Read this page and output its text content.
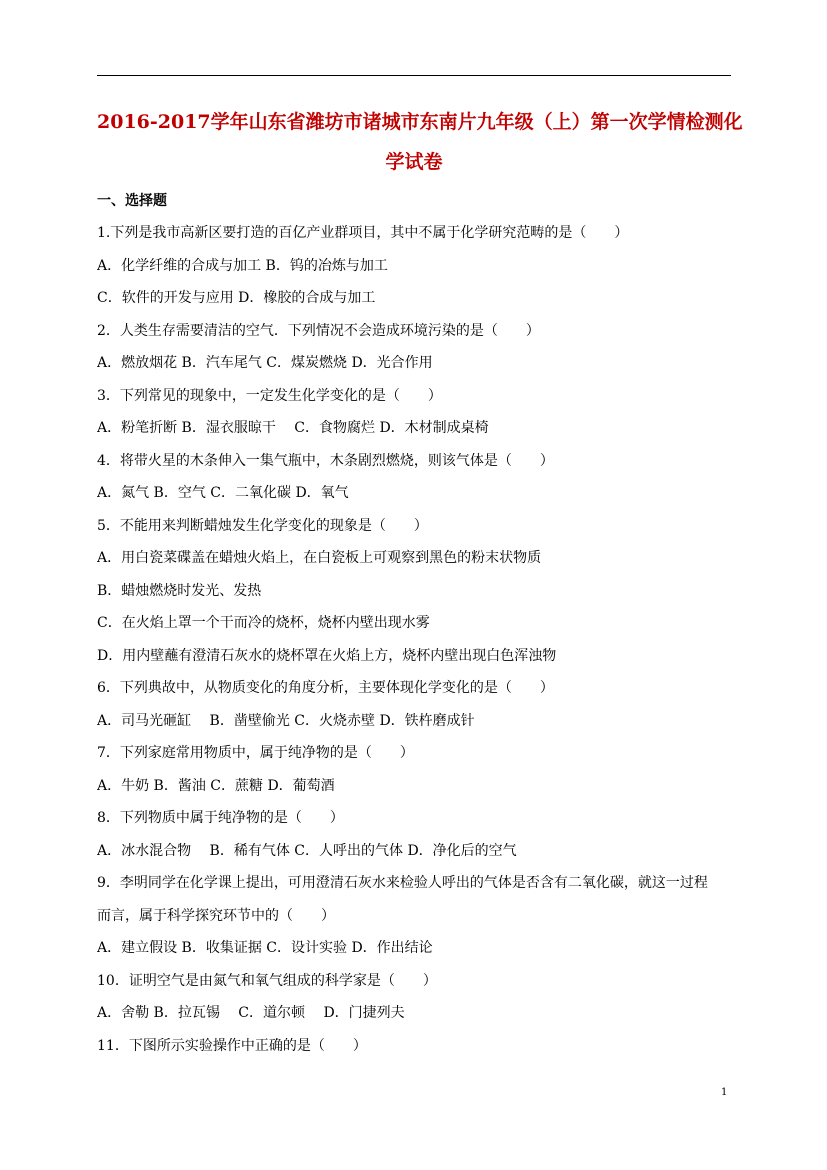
2016-2017学年山东省潍坊市诸城市东南片九年级（上）第一次学情检测化
学试卷
一、选择题
1.下列是我市高新区要打造的百亿产业群项目，其中不属于化学研究范畴的是（　　）
A．化学纤维的合成与加工 B．钨的冶炼与加工
C．软件的开发与应用 D．橡胶的合成与加工
2．人类生存需要清洁的空气．下列情况不会造成环境污染的是（　　）
A．燃放烟花 B．汽车尾气 C．煤炭燃烧 D．光合作用
3．下列常见的现象中，一定发生化学变化的是（　　）
A．粉笔折断 B．湿衣服晾干　 C．食物腐烂 D．木材制成桌椅
4．将带火星的木条伸入一集气瓶中，木条剧烈燃烧，则该气体是（　　）
A．氮气 B．空气 C．二氧化碳 D．氧气
5．不能用来判断蜡烛发生化学变化的现象是（　　）
A．用白瓷菜碟盖在蜡烛火焰上，在白瓷板上可观察到黑色的粉末状物质
B．蜡烛燃烧时发光、发热
C．在火焰上罩一个干而冷的烧杯，烧杯内壁出现水雾
D．用内壁蘸有澄清石灰水的烧杯罩在火焰上方，烧杯内壁出现白色浑浊物
6．下列典故中，从物质变化的角度分析，主要体现化学变化的是（　　）
A．司马光砸缸　 B．凿壁偷光 C．火烧赤壁 D．铁杵磨成针
7．下列家庭常用物质中，属于纯净物的是（　　）
A．牛奶 B．酱油 C．蔗糖 D．葡萄酒
8．下列物质中属于纯净物的是（　　）
A．冰水混合物　 B．稀有气体 C．人呼出的气体 D．净化后的空气
9．李明同学在化学课上提出，可用澄清石灰水来检验人呼出的气体是否含有二氧化碳，就这一过程
而言，属于科学探究环节中的（　　）
A．建立假设 B．收集证据 C．设计实验 D．作出结论
10．证明空气是由氮气和氧气组成的科学家是（　　）
A．舍勒 B．拉瓦锡　 C．道尔顿　 D．门捷列夫
11．下图所示实验操作中正确的是（　　）
1
